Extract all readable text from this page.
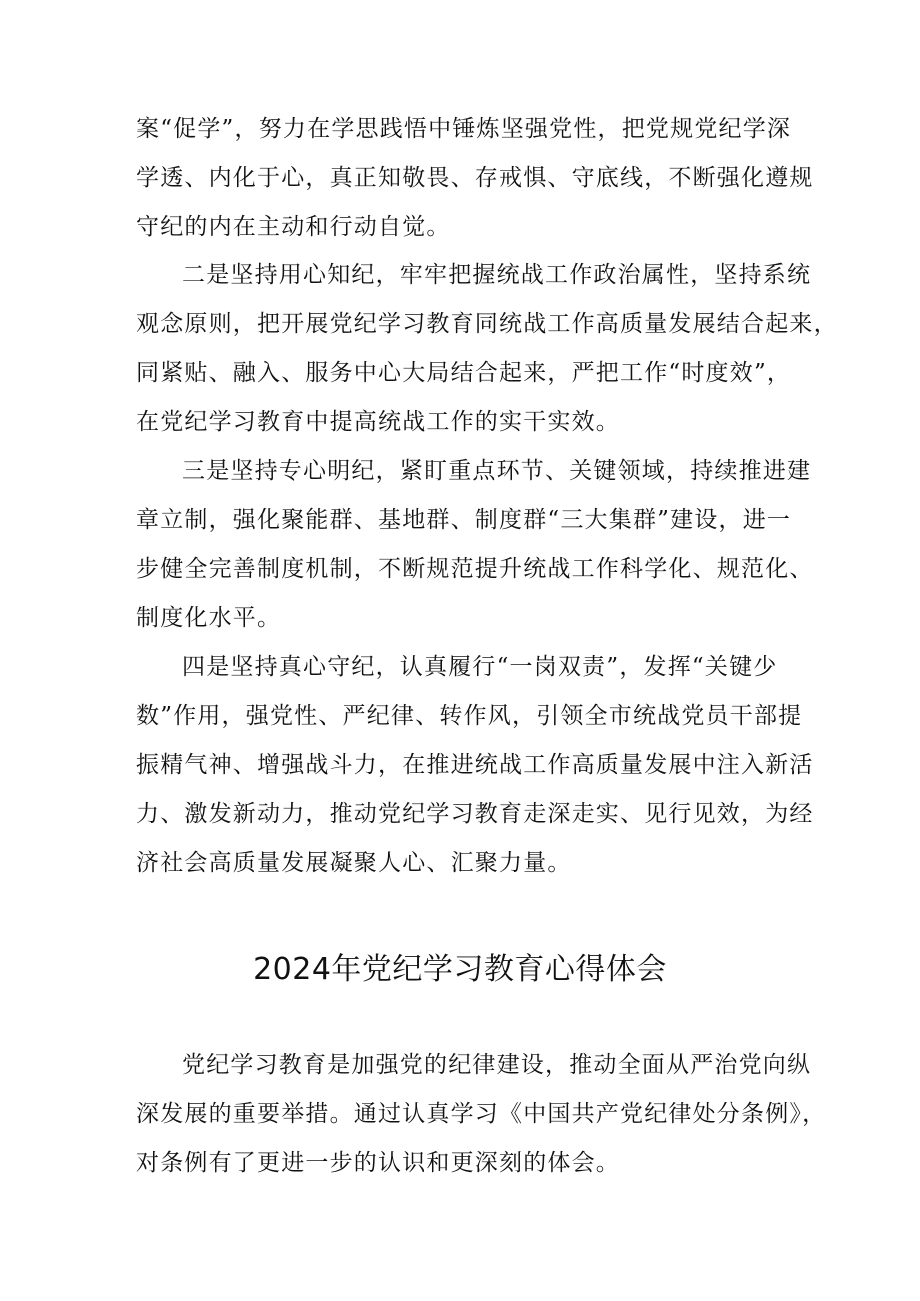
案“促学”，努力在学思践悟中锤炼坚强党性，把党规党纪学深
学透、内化于心，真正知敬畏、存戒惧、守底线，不断强化遵规
守纪的内在主动和行动自觉。
二是坚持用心知纪，牢牢把握统战工作政治属性，坚持系统
观念原则，把开展党纪学习教育同统战工作高质量发展结合起来，
同紧贴、融入、服务中心大局结合起来，严把工作“时度效”，
在党纪学习教育中提高统战工作的实干实效。
三是坚持专心明纪，紧盯重点环节、关键领域，持续推进建
章立制，强化聚能群、基地群、制度群“三大集群”建设，进一
步健全完善制度机制，不断规范提升统战工作科学化、规范化、
制度化水平。
四是坚持真心守纪，认真履行“一岗双责”，发挥“关键少
数”作用，强党性、严纪律、转作风，引领全市统战党员干部提
振精气神、增强战斗力，在推进统战工作高质量发展中注入新活
力、激发新动力，推动党纪学习教育走深走实、见行见效，为经
济社会高质量发展凝聚人心、汇聚力量。
2024年党纪学习教育心得体会
党纪学习教育是加强党的纪律建设，推动全面从严治党向纵
深发展的重要举措。通过认真学习《中国共产党纪律处分条例》，
对条例有了更进一步的认识和更深刻的体会。
